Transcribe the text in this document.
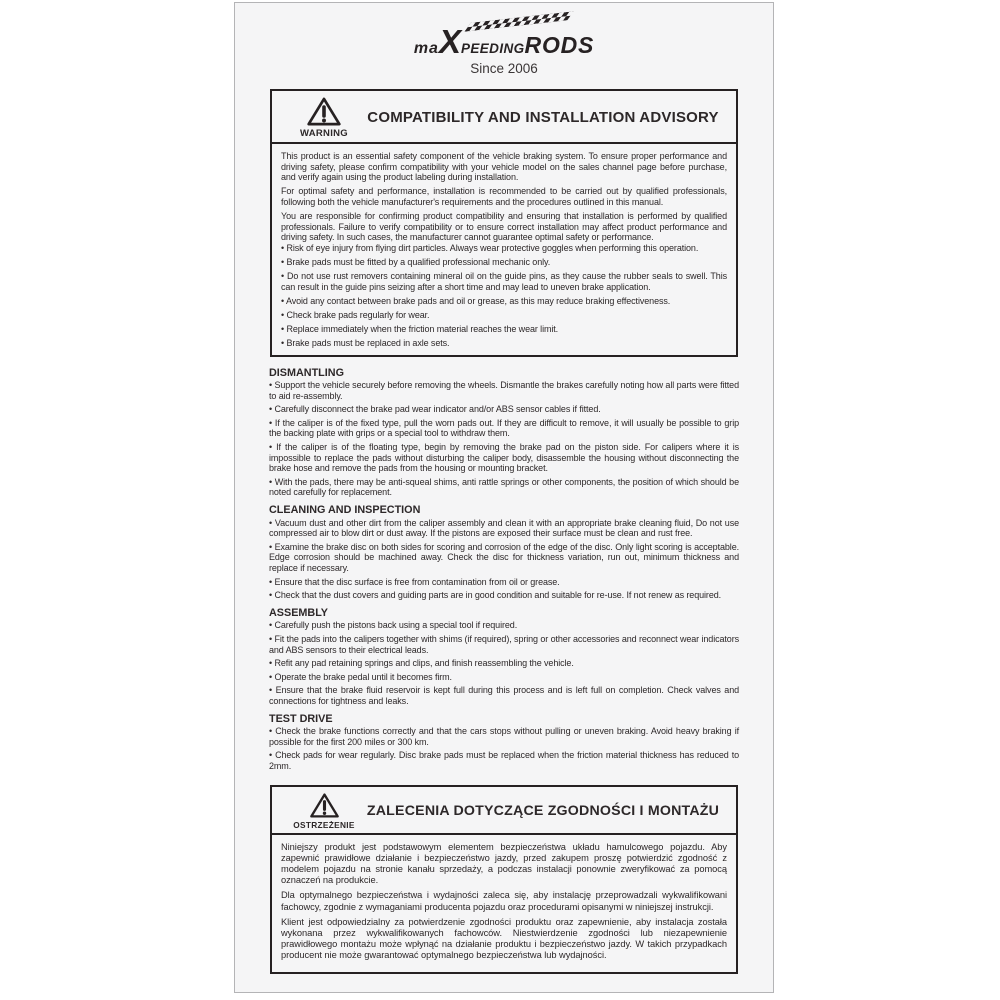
maXPEEDINGRODS
Since 2006
WARNING
COMPATIBILITY AND INSTALLATION ADVISORY

This product is an essential safety component of the vehicle braking system. To ensure proper performance and driving safety, please confirm compatibility with your vehicle model on the sales channel page before purchase, and verify again using the product labeling during installation.

For optimal safety and performance, installation is recommended to be carried out by qualified professionals, following both the vehicle manufacturer's requirements and the procedures outlined in this manual.

You are responsible for confirming product compatibility and ensuring that installation is performed by qualified professionals. Failure to verify compatibility or to ensure correct installation may affect product performance and driving safety. In such cases, the manufacturer cannot guarantee optimal safety or performance.

• Risk of eye injury from flying dirt particles. Always wear protective goggles when performing this operation.

• Brake pads must be fitted by a qualified professional mechanic only.

• Do not use rust removers containing mineral oil on the guide pins, as they cause the rubber seals to swell. This can result in the guide pins seizing after a short time and may lead to uneven brake application.

• Avoid any contact between brake pads and oil or grease, as this may reduce braking effectiveness.

• Check brake pads regularly for wear.

• Replace immediately when the friction material reaches the wear limit.

• Brake pads must be replaced in axle sets.

DISMANTLING

• Support the vehicle securely before removing the wheels. Dismantle the brakes carefully noting how all parts were fitted to aid re-assembly.

• Carefully disconnect the brake pad wear indicator and/or ABS sensor cables if fitted.

• If the caliper is of the fixed type, pull the worn pads out. If they are difficult to remove, it will usually be possible to grip the backing plate with grips or a special tool to withdraw them.

• If the caliper is of the floating type, begin by removing the brake pad on the piston side. For calipers where it is impossible to replace the pads without disturbing the caliper body, disassemble the housing without disconnecting the brake hose and remove the pads from the housing or mounting bracket.

• With the pads, there may be anti-squeal shims, anti rattle springs or other components, the position of which should be noted carefully for replacement.

CLEANING AND INSPECTION

• Vacuum dust and other dirt from the caliper assembly and clean it with an appropriate brake cleaning fluid, Do not use compressed air to blow dirt or dust away. If the pistons are exposed their surface must be clean and rust free.

• Examine the brake disc on both sides for scoring and corrosion of the edge of the disc. Only light scoring is acceptable. Edge corrosion should be machined away. Check the disc for thickness variation, run out, minimum thickness and replace if necessary.

• Ensure that the disc surface is free from contamination from oil or grease.

• Check that the dust covers and guiding parts are in good condition and suitable for re-use. If not renew as required.

ASSEMBLY

• Carefully push the pistons back using a special tool if required.

• Fit the pads into the calipers together with shims (if required), spring or other accessories and reconnect wear indicators and ABS sensors to their electrical leads.

• Refit any pad retaining springs and clips, and finish reassembling the vehicle.

• Operate the brake pedal until it becomes firm.

• Ensure that the brake fluid reservoir is kept full during this process and is left full on completion. Check valves and connections for tightness and leaks.

TEST DRIVE

• Check the brake functions correctly and that the cars stops without pulling or uneven braking. Avoid heavy braking if possible for the first 200 miles or 300 km.

• Check pads for wear regularly. Disc brake pads must be replaced when the friction material thickness has reduced to 2mm.

OSTRZEŻENIE
ZALECENIA DOTYCZĄCE ZGODNOŚCI I MONTAŻU

Niniejszy produkt jest podstawowym elementem bezpieczeństwa układu hamulcowego pojazdu. Aby zapewnić prawidłowe działanie i bezpieczeństwo jazdy, przed zakupem proszę potwierdzić zgodność z modelem pojazdu na stronie kanału sprzedaży, a podczas instalacji ponownie zweryfikować za pomocą oznaczeń na produkcie.

Dla optymalnego bezpieczeństwa i wydajności zaleca się, aby instalację przeprowadzali wykwalifikowani fachowcy, zgodnie z wymaganiami producenta pojazdu oraz procedurami opisanymi w niniejszej instrukcji.

Klient jest odpowiedzialny za potwierdzenie zgodności produktu oraz zapewnienie, aby instalacja została wykonana przez wykwalifikowanych fachowców. Niestwierdzenie zgodności lub niezapewnienie prawidłowego montażu może wpłynąć na działanie produktu i bezpieczeństwo jazdy. W takich przypadkach producent nie może gwarantować optymalnego bezpieczeństwa lub wydajności.
